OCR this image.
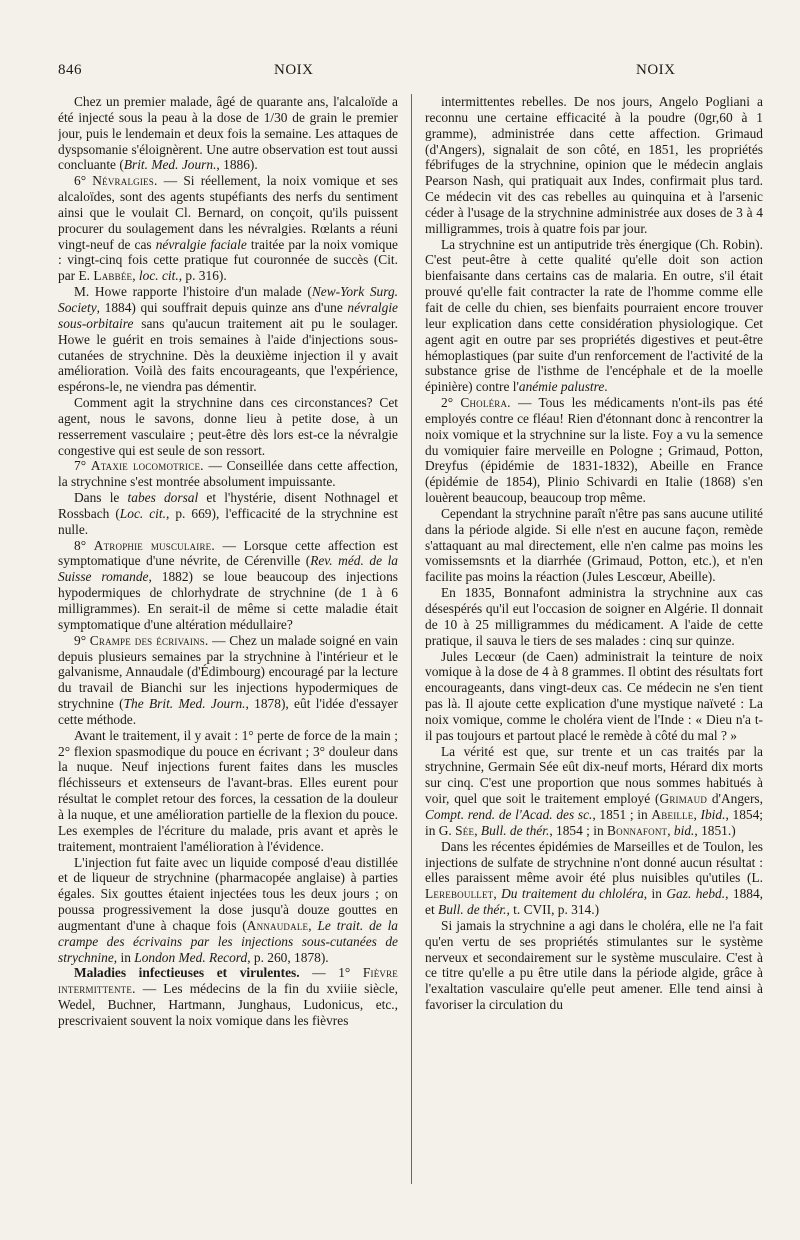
846	NOIX	NOIX

Chez un premier malade, âgé de quarante ans, l'alcaloïde a été injecté sous la peau à la dose de 1/30 de grain le premier jour, puis le lendemain et deux fois la semaine. Les attaques de dyspsomanie s'éloignèrent. Une autre observation est tout aussi concluante (Brit. Med. Journ., 1886).

6° Névralgies. — Si réellement, la noix vomique et ses alcaloïdes, sont des agents stupéfiants des nerfs du sentiment ainsi que le voulait Cl. Bernard, on conçoit, qu'ils puissent procurer du soulagement dans les névralgies. Rœlants a réuni vingt-neuf de cas névralgie faciale traitée par la noix vomique : vingt-cinq fois cette pratique fut couronnée de succès (Cit. par E. Labbée, loc. cit., p. 316).

M. Howe rapporte l'histoire d'un malade (New-York Surg. Society, 1884) qui souffrait depuis quinze ans d'une névralgie sous-orbitaire sans qu'aucun traitement ait pu le soulager. Howe le guérit en trois semaines à l'aide d'injections sous-cutanées de strychnine. Dès la deuxième injection il y avait amélioration. Voilà des faits encourageants, que l'expérience, espérons-le, ne viendra pas démentir.

Comment agit la strychnine dans ces circonstances? Cet agent, nous le savons, donne lieu à petite dose, à un resserrement vasculaire ; peut-être dès lors est-ce la névralgie congestive qui est seule de son ressort.

7° Ataxie locomotrice. — Conseillée dans cette affection, la strychnine s'est montrée absolument impuissante.

Dans le tabes dorsal et l'hystérie, disent Nothnagel et Rossbach (Loc. cit., p. 669), l'efficacité de la strychnine est nulle.

8° Atrophie musculaire. — Lorsque cette affection est symptomatique d'une névrite, de Cérenville (Rev. méd. de la Suisse romande, 1882) se loue beaucoup des injections hypodermiques de chlorhydrate de strychnine (de 1 à 6 milligrammes). En serait-il de même si cette maladie était symptomatique d'une altération médullaire?

9° Crampe des écrivains. — Chez un malade soigné en vain depuis plusieurs semaines par la strychnine à l'intérieur et le galvanisme, Annaudale (d'Édimbourg) encouragé par la lecture du travail de Bianchi sur les injections hypodermiques de strychnine (The Brit. Med. Journ., 1878), eût l'idée d'essayer cette méthode.

Avant le traitement, il y avait : 1° perte de force de la main ; 2° flexion spasmodique du pouce en écrivant ; 3° douleur dans la nuque. Neuf injections furent faites dans les muscles fléchisseurs et extenseurs de l'avant-bras. Elles eurent pour résultat le complet retour des forces, la cessation de la douleur à la nuque, et une amélioration partielle de la flexion du pouce. Les exemples de l'écriture du malade, pris avant et après le traitement, montraient l'amélioration à l'évidence.

L'injection fut faite avec un liquide composé d'eau distillée et de liqueur de strychnine (pharmacopée anglaise) à parties égales. Six gouttes étaient injectées tous les deux jours ; on poussa progressivement la dose jusqu'à douze gouttes en augmentant d'une à chaque fois (Annaudale, Le trait. de la crampe des écrivains par les injections sous-cutanées de strychnine, in London Med. Record, p. 260, 1878).

Maladies infectieuses et virulentes. — 1° Fièvre intermittente. — Les médecins de la fin du xviiie siècle, Wedel, Buchner, Hartmann, Junghaus, Ludonicus, etc., prescrivaient souvent la noix vomique dans les fièvres

intermittentes rebelles. De nos jours, Angelo Pogliani a reconnu une certaine efficacité à la poudre (0gr,60 à 1 gramme), administrée dans cette affection. Grimaud (d'Angers), signalait de son côté, en 1851, les propriétés fébrifuges de la strychnine, opinion que le médecin anglais Pearson Nash, qui pratiquait aux Indes, confirmait plus tard. Ce médecin vit des cas rebelles au quinquina et à l'arsenic céder à l'usage de la strychnine administrée aux doses de 3 à 4 milligrammes, trois à quatre fois par jour.

La strychnine est un antiputride très énergique (Ch. Robin). C'est peut-être à cette qualité qu'elle doit son action bienfaisante dans certains cas de malaria. En outre, s'il était prouvé qu'elle fait contracter la rate de l'homme comme elle fait de celle du chien, ses bienfaits pourraient encore trouver leur explication dans cette considération physiologique. Cet agent agit en outre par ses propriétés digestives et peut-être hémoplastiques (par suite d'un renforcement de l'activité de la substance grise de l'isthme de l'encéphale et de la moelle épinière) contre l'anémie palustre.

2° Choléra. — Tous les médicaments n'ont-ils pas été employés contre ce fléau! Rien d'étonnant donc à rencontrer la noix vomique et la strychnine sur la liste. Foy a vu la semence du vomiquier faire merveille en Pologne ; Grimaud, Potton, Dreyfus (épidémie de 1831-1832), Abeille en France (épidémie de 1854), Plinio Schivardi en Italie (1868) s'en louèrent beaucoup, beaucoup trop même.

Cependant la strychnine paraît n'être pas sans aucune utilité dans la période algide. Si elle n'est en aucune façon, remède s'attaquant au mal directement, elle n'en calme pas moins les vomissemsnts et la diarrhée (Grimaud, Potton, etc.), et n'en facilite pas moins la réaction (Jules Lescœur, Abeille).

En 1835, Bonnafont administra la strychnine aux cas désespérés qu'il eut l'occasion de soigner en Algérie. Il donnait de 10 à 25 milligrammes du médicament. A l'aide de cette pratique, il sauva le tiers de ses malades : cinq sur quinze.

Jules Lecœur (de Caen) administrait la teinture de noix vomique à la dose de 4 à 8 grammes. Il obtint des résultats fort encourageants, dans vingt-deux cas. Ce médecin ne s'en tient pas là. Il ajoute cette explication d'une mystique naïveté : La noix vomique, comme le choléra vient de l'Inde : « Dieu n'a t-il pas toujours et partout placé le remède à côté du mal ? »

La vérité est que, sur trente et un cas traités par la strychnine, Germain Sée eût dix-neuf morts, Hérard dix morts sur cinq. C'est une proportion que nous sommes habitués à voir, quel que soit le traitement employé (Grimaud d'Angers, Compt. rend. de l'Acad. des sc., 1851 ; in Abeille, Ibid., 1854; in G. Sée, Bull. de thér., 1854 ; in Bonnafont, bid., 1851.)

Dans les récentes épidémies de Marseilles et de Toulon, les injections de sulfate de strychnine n'ont donné aucun résultat : elles paraissent même avoir été plus nuisibles qu'utiles (L. Lereboullet, Du traitement du chloléra, in Gaz. hebd., 1884, et Bull. de thér., t. CVII, p. 314.)

Si jamais la strychnine a agi dans le choléra, elle ne l'a fait qu'en vertu de ses propriétés stimulantes sur le système nerveux et secondairement sur le système musculaire. C'est à ce titre qu'elle a pu être utile dans la période algide, grâce à l'exaltation vasculaire qu'elle peut amener. Elle tend ainsi à favoriser la circulation du
